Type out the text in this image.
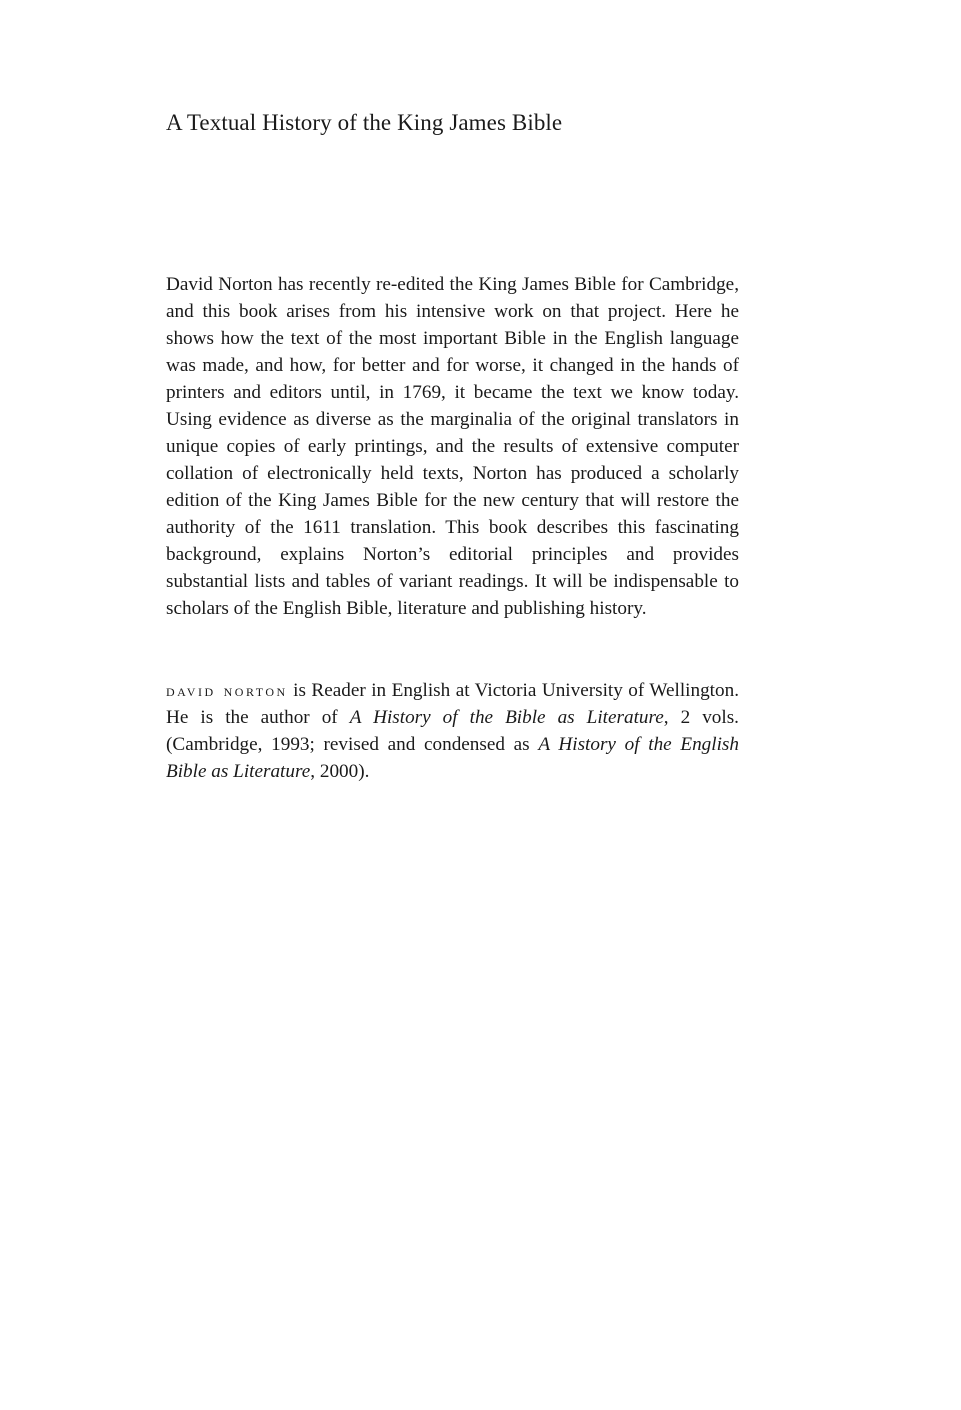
A Textual History of the King James Bible

David Norton has recently re-edited the King James Bible for Cambridge, and this book arises from his intensive work on that project. Here he shows how the text of the most important Bible in the English language was made, and how, for better and for worse, it changed in the hands of printers and editors until, in 1769, it became the text we know today. Using evidence as diverse as the marginalia of the original translators in unique copies of early printings, and the results of extensive computer collation of electronically held texts, Norton has produced a scholarly edition of the King James Bible for the new century that will restore the authority of the 1611 translation. This book describes this fascinating background, explains Norton’s editorial principles and provides substantial lists and tables of variant readings. It will be indispensable to scholars of the English Bible, literature and publishing history.

david norton is Reader in English at Victoria University of Wellington. He is the author of A History of the Bible as Literature, 2 vols. (Cambridge, 1993; revised and condensed as A History of the English Bible as Literature, 2000).
